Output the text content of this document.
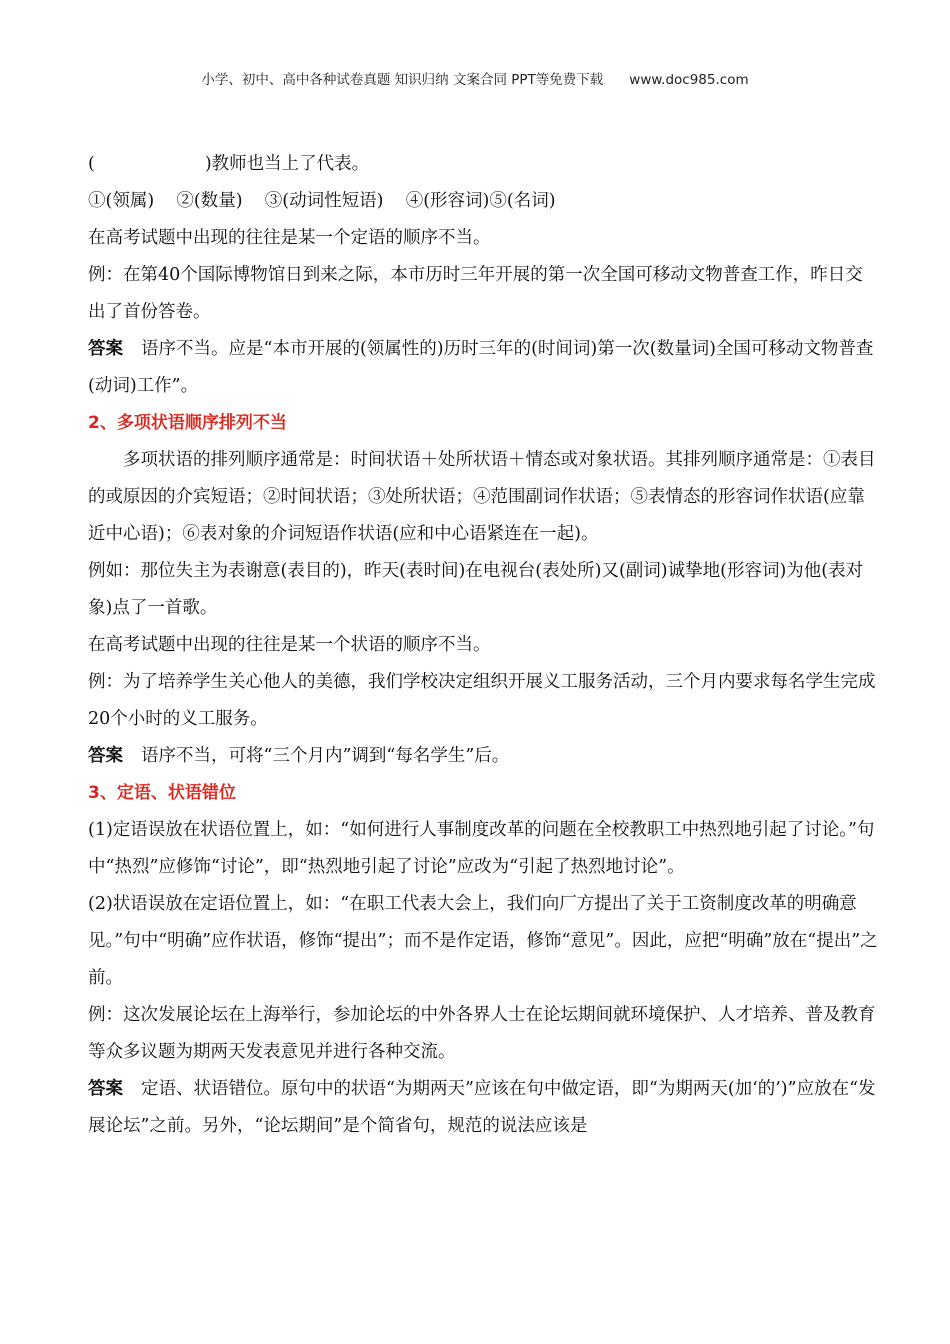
小学、初中、高中各种试卷真题 知识归纳 文案合同 PPT等免费下载 www.doc985.com

(	)教师也当上了代表。

①(领属)    ②(数量)    ③(动词性短语)    ④(形容词)⑤(名词)

在高考试题中出现的往往是某一个定语的顺序不当。

例：在第40个国际博物馆日到来之际，本市历时三年开展的第一次全国可移动文物普查工作，昨日交出了首份答卷。

答案 语序不当。应是“本市开展的(领属性的)历时三年的(时间词)第一次(数量词)全国可移动文物普查(动词)工作”。

2、多项状语顺序排列不当

多项状语的排列顺序通常是：时间状语＋处所状语＋情态或对象状语。其排列顺序通常是：①表目的或原因的介宾短语；②时间状语；③处所状语；④范围副词作状语；⑤表情态的形容词作状语(应靠近中心语)；⑥表对象的介词短语作状语(应和中心语紧连在一起)。

例如：那位失主为表谢意(表目的)，昨天(表时间)在电视台(表处所)又(副词)诚挚地(形容词)为他(表对象)点了一首歌。

在高考试题中出现的往往是某一个状语的顺序不当。

例：为了培养学生关心他人的美德，我们学校决定组织开展义工服务活动，三个月内要求每名学生完成20个小时的义工服务。

答案 语序不当，可将“三个月内”调到“每名学生”后。

3、定语、状语错位

(1)定语误放在状语位置上，如：“如何进行人事制度改革的问题在全校教职工中热烈地引起了讨论。”句中“热烈”应修饰“讨论”，即“热烈地引起了讨论”应改为“引起了热烈地讨论”。

(2)状语误放在定语位置上，如：“在职工代表大会上，我们向厂方提出了关于工资制度改革的明确意见。”句中“明确”应作状语，修饰“提出”；而不是作定语，修饰“意见”。因此，应把“明确”放在“提出”之前。

例：这次发展论坛在上海举行，参加论坛的中外各界人士在论坛期间就环境保护、人才培养、普及教育等众多议题为期两天发表意见并进行各种交流。

答案 定语、状语错位。原句中的状语“为期两天”应该在句中做定语，即“为期两天(加‘的’)”应放在“发展论坛”之前。另外，“论坛期间”是个简省句，规范的说法应该是
